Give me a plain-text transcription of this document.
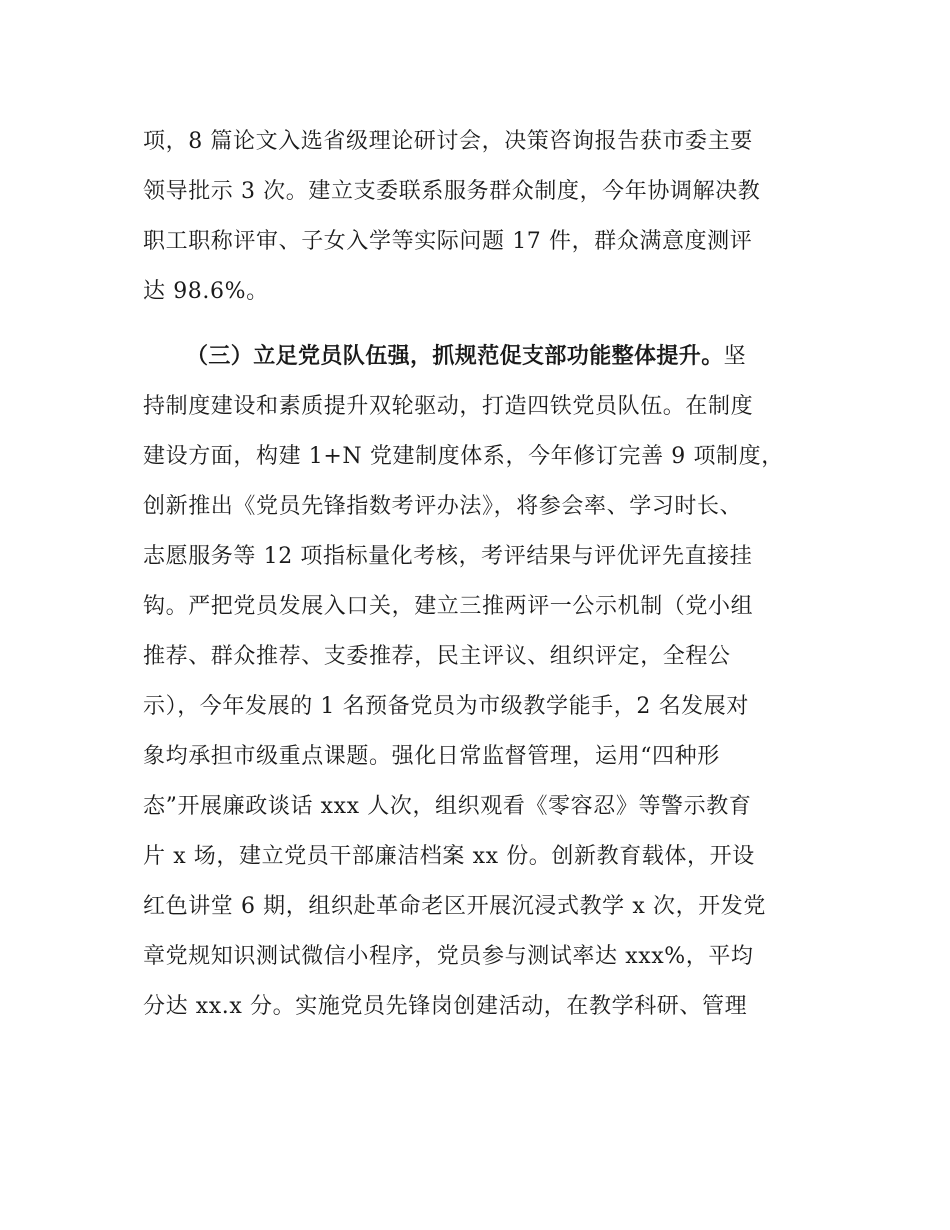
项，8 篇论文入选省级理论研讨会，决策咨询报告获市委主要
领导批示 3 次。建立支委联系服务群众制度，今年协调解决教
职工职称评审、子女入学等实际问题 17 件，群众满意度测评
达 98.6%。
（三）立足党员队伍强，抓规范促支部功能整体提升。坚
持制度建设和素质提升双轮驱动，打造四铁党员队伍。在制度
建设方面，构建 1+N 党建制度体系，今年修订完善 9 项制度，
创新推出《党员先锋指数考评办法》，将参会率、学习时长、
志愿服务等 12 项指标量化考核，考评结果与评优评先直接挂
钩。严把党员发展入口关，建立三推两评一公示机制（党小组
推荐、群众推荐、支委推荐，民主评议、组织评定，全程公
示），今年发展的 1 名预备党员为市级教学能手，2 名发展对
象均承担市级重点课题。强化日常监督管理，运用“四种形
态”开展廉政谈话 xxx 人次，组织观看《零容忍》等警示教育
片 x 场，建立党员干部廉洁档案 xx 份。创新教育载体，开设
红色讲堂 6 期，组织赴革命老区开展沉浸式教学 x 次，开发党
章党规知识测试微信小程序，党员参与测试率达 xxx%，平均
分达 xx.x 分。实施党员先锋岗创建活动，在教学科研、管理
